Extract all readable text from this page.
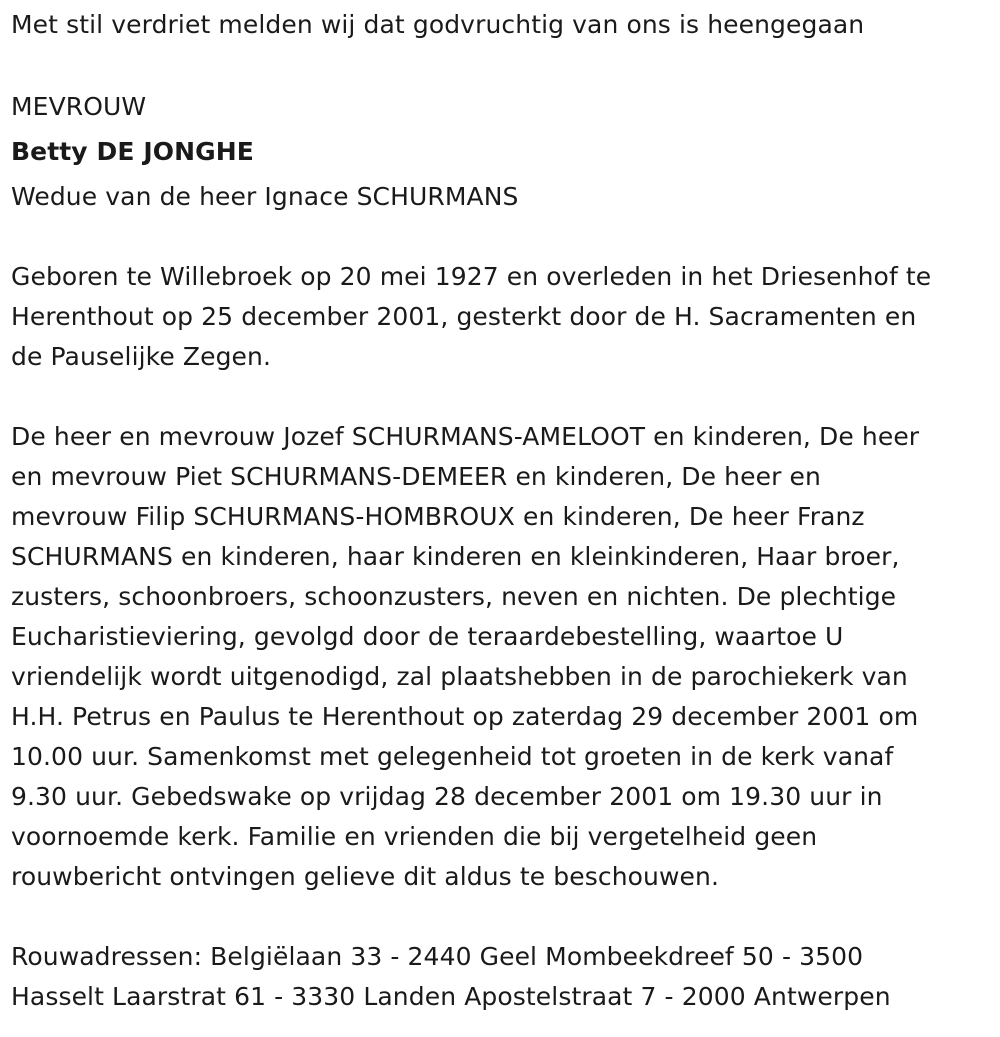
Met stil verdriet melden wij dat godvruchtig van ons is heengegaan

MEVROUW

Betty DE JONGHE

Wedue van de heer Ignace SCHURMANS

Geboren te Willebroek op 20 mei 1927 en overleden in het Driesenhof te

Herenthout op 25 december 2001, gesterkt door de H. Sacramenten en

de Pauselijke Zegen.

De heer en mevrouw Jozef SCHURMANS-AMELOOT en kinderen, De heer

en mevrouw Piet SCHURMANS-DEMEER en kinderen, De heer en

mevrouw Filip SCHURMANS-HOMBROUX en kinderen, De heer Franz

SCHURMANS en kinderen, haar kinderen en kleinkinderen, Haar broer,

zusters, schoonbroers, schoonzusters, neven en nichten. De plechtige

Eucharistieviering, gevolgd door de teraardebestelling, waartoe U

vriendelijk wordt uitgenodigd, zal plaatshebben in de parochiekerk van

H.H. Petrus en Paulus te Herenthout op zaterdag 29 december 2001 om

10.00 uur. Samenkomst met gelegenheid tot groeten in de kerk vanaf

9.30 uur. Gebedswake op vrijdag 28 december 2001 om 19.30 uur in

voornoemde kerk. Familie en vrienden die bij vergetelheid geen

rouwbericht ontvingen gelieve dit aldus te beschouwen.

Rouwadressen: Belgiëlaan 33 - 2440 Geel Mombeekdreef 50 - 3500

Hasselt Laarstrat 61 - 3330 Landen Apostelstraat 7 - 2000 Antwerpen
